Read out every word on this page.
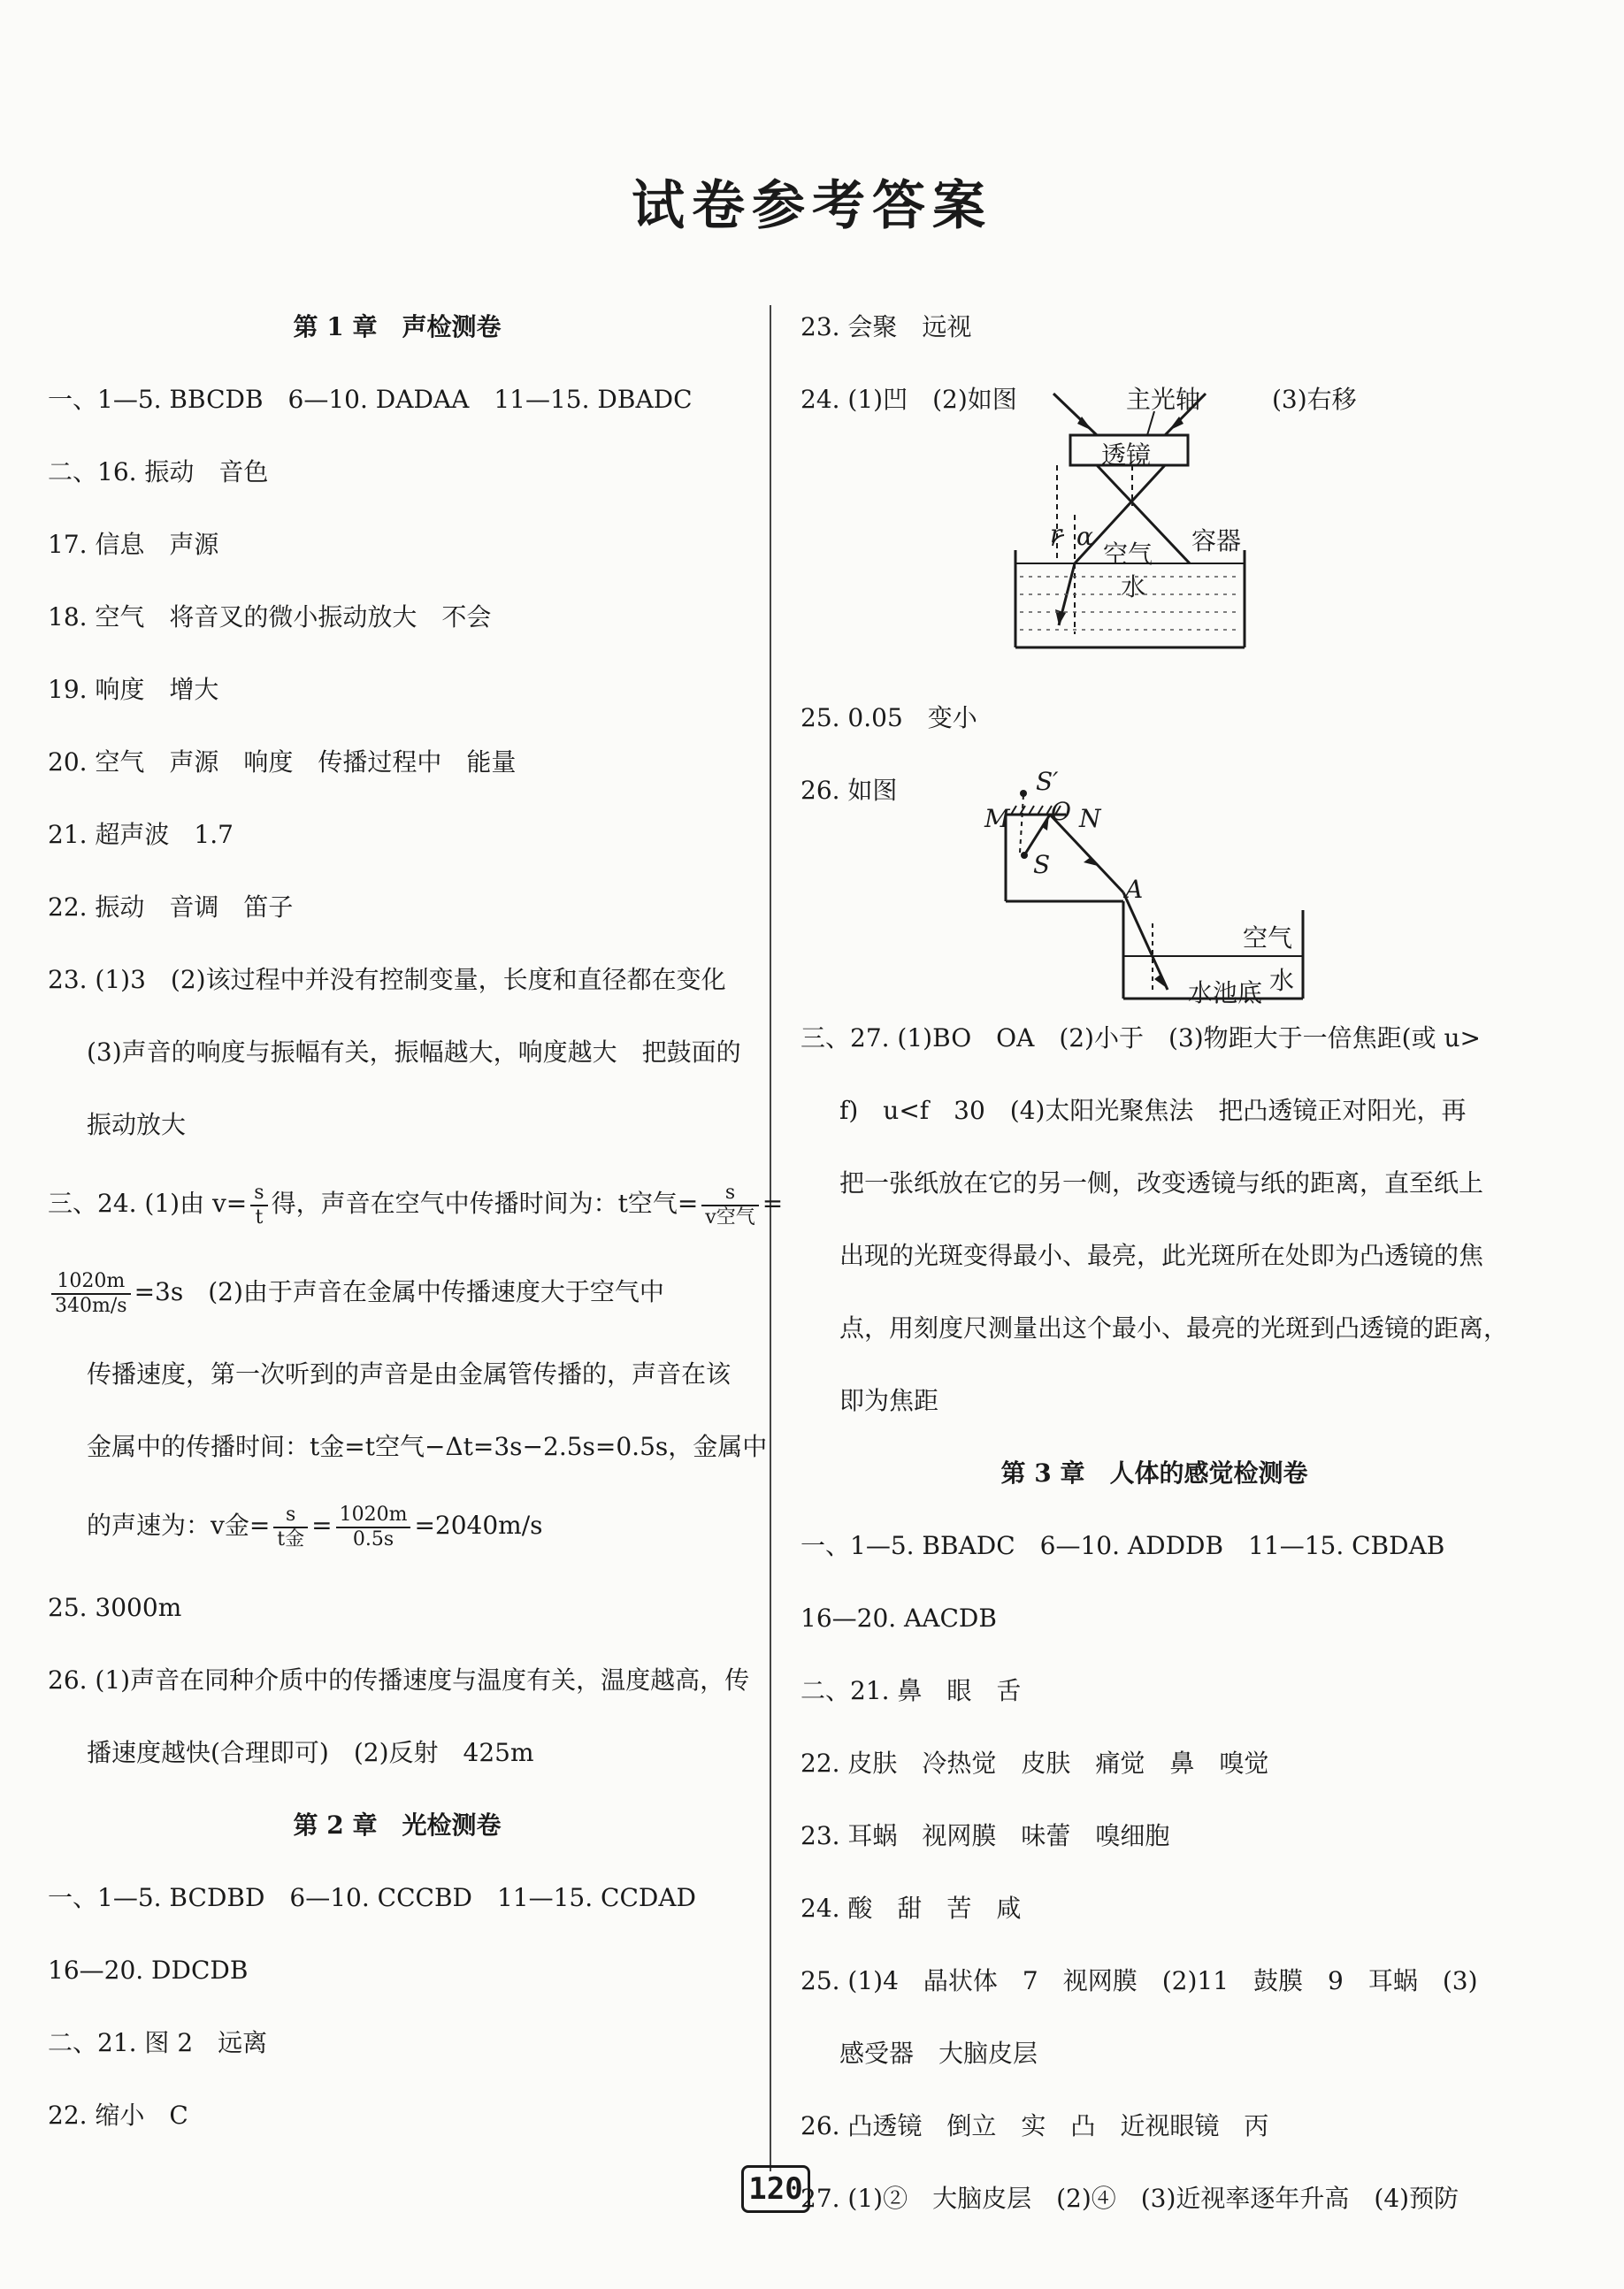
试卷参考答案
第 1 章　声检测卷
一、1—5. BBCDB　6—10. DADAA　11—15. DBADC
二、16. 振动　音色
17. 信息　声源
18. 空气　将音叉的微小振动放大　不会
19. 响度　增大
20. 空气　声源　响度　传播过程中　能量
21. 超声波　1.7
22. 振动　音调　笛子
23. (1)3　(2)该过程中并没有控制变量，长度和直径都在变化
(3)声音的响度与振幅有关，振幅越大，响度越大　把鼓面的
振动放大
三、24. (1)由 $v= \frac{s}{t}$ 得，声音在空气中传播时间为：t空气= $\frac{s}{\text{v空气}}$ =
$\frac{1020m}{340m/s} =3s$　(2)由于声音在金属中传播速度大于空气中
传播速度，第一次听到的声音是由金属管传播的，声音在该
金属中的传播时间：t金=t空气−Δt=3s−2.5s=0.5s，金属中
的声速为：v金= $\frac{s}{\text{t金}} = \frac{1020m}{0.5s} =2040m/s$
25. 3000m
26. (1)声音在同种介质中的传播速度与温度有关，温度越高，传
播速度越快(合理即可)　(2)反射　425m
第 2 章　光检测卷
一、1—5. BCDBD　6—10. CCCBD　11—15. CCDAD
16—20. DDCDB
二、21. 图 2　远离
22. 缩小　C
23. 会聚　远视
24. (1)凹　(2)如图	主光轴	(3)右移
透镜
容器
空气
水
r α
25. 0.05　变小
26. 如图	S′
M O N
S
A
空气
水
水池底
三、27. (1)BO　OA　(2)小于　(3)物距大于一倍焦距(或 u>
f)　u<f　30　(4)太阳光聚焦法　把凸透镜正对阳光，再
把一张纸放在它的另一侧，改变透镜与纸的距离，直至纸上
出现的光斑变得最小、最亮，此光斑所在处即为凸透镜的焦
点，用刻度尺测量出这个最小、最亮的光斑到凸透镜的距离，
即为焦距
第 3 章　人体的感觉检测卷
一、1—5. BBADC　6—10. ADDDB　11—15. CBDAB
16—20. AACDB
二、21. 鼻　眼　舌
22. 皮肤　冷热觉　皮肤　痛觉　鼻　嗅觉
23. 耳蜗　视网膜　味蕾　嗅细胞
24. 酸　甜　苦　咸
25. (1)4　晶状体　7　视网膜　(2)11　鼓膜　9　耳蜗　(3)
感受器　大脑皮层
26. 凸透镜　倒立　实　凸　近视眼镜　丙
27. (1)②　大脑皮层　(2)④　(3)近视率逐年升高　(4)预防
120
